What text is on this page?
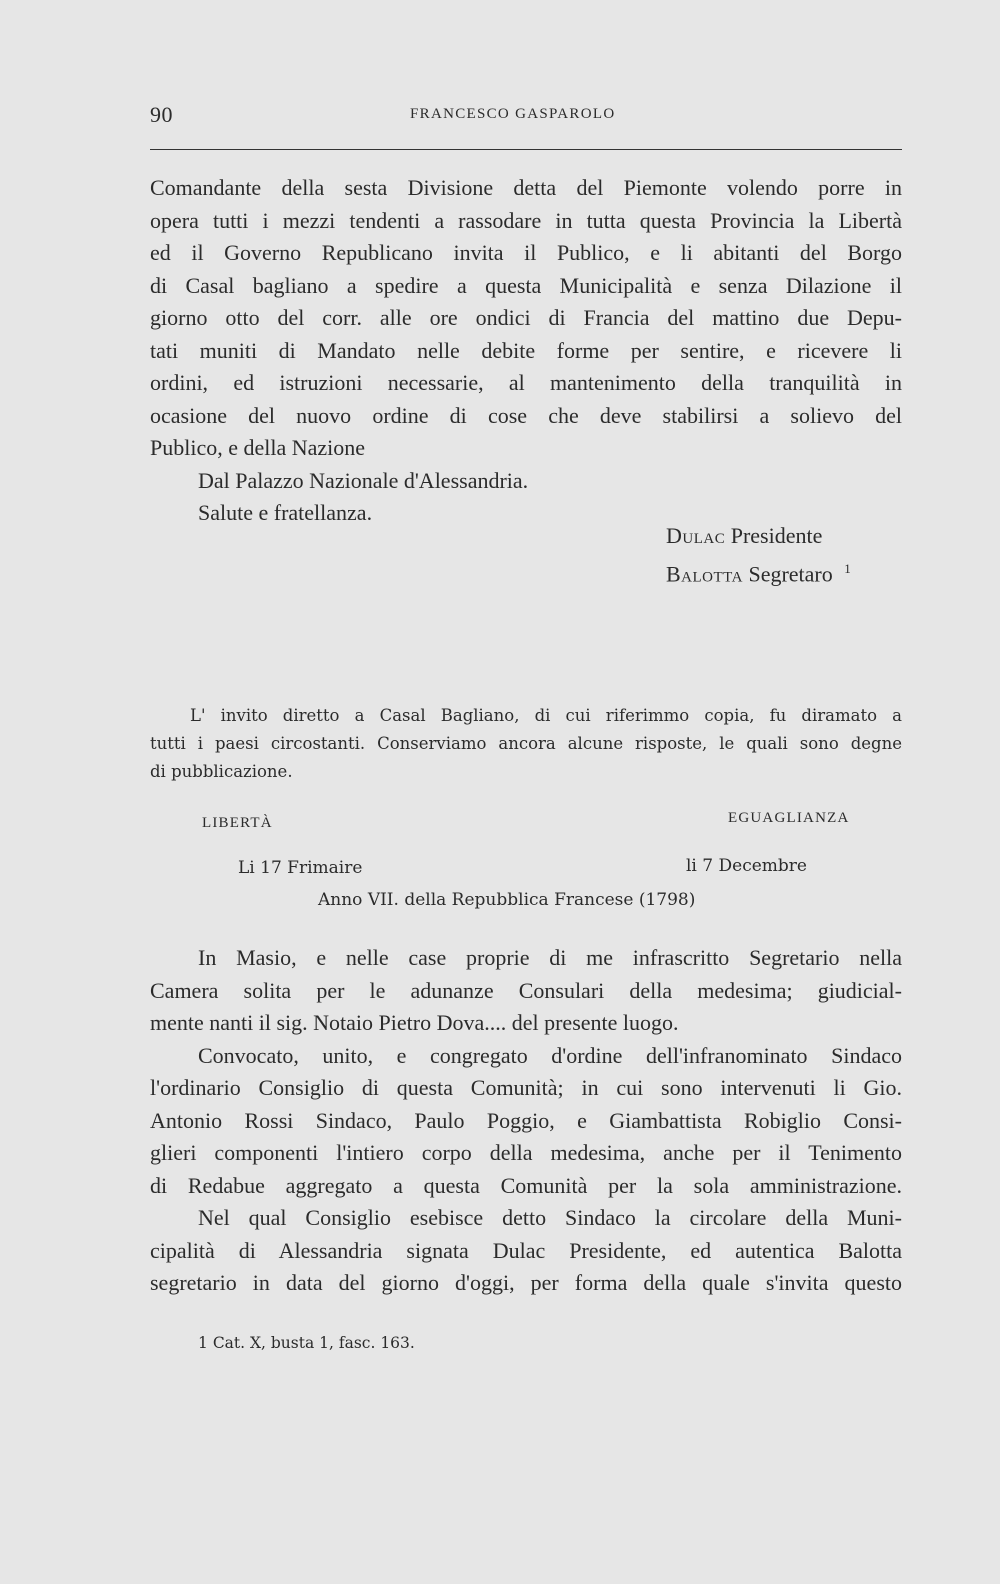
90	FRANCESCO GASPAROLO
Comandante della sesta Divisione detta del Piemonte volendo porre in
opera tutti i mezzi tendenti a rassodare in tutta questa Provincia la Libertà
ed il Governo Republicano invita il Publico, e li abitanti del Borgo
di Casal bagliano a spedire a questa Municipalità e senza Dilazione il
giorno otto del corr. alle ore ondici di Francia del mattino due Depu-
tati muniti di Mandato nelle debite forme per sentire, e ricevere li
ordini, ed istruzioni necessarie, al mantenimento della tranquilità in
ocasione del nuovo ordine di cose che deve stabilirsi a solievo del
Publico, e della Nazione
Dal Palazzo Nazionale d'Alessandria.
Salute e fratellanza.
Dulac Presidente
Balotta Segretaro $^1$
L' invito diretto a Casal Bagliano, di cui riferimmo copia, fu diramato a
tutti i paesi circostanti. Conserviamo ancora alcune risposte, le quali sono degne
di pubblicazione.
LIBERTÀ	EGUAGLIANZA
Li 17 Frimaire	li 7 Decembre
Anno VII. della Repubblica Francese (1798)
In Masio, e nelle case proprie di me infrascritto Segretario nella
Camera solita per le adunanze Consulari della medesima; giudicial-
mente nanti il sig. Notaio Pietro Dova.... del presente luogo.
Convocato, unito, e congregato d'ordine dell'infranominato Sindaco
l'ordinario Consiglio di questa Comunità; in cui sono intervenuti li Gio.
Antonio Rossi Sindaco, Paulo Poggio, e Giambattista Robiglio Consi-
glieri componenti l'intiero corpo della medesima, anche per il Tenimento
di Redabue aggregato a questa Comunità per la sola amministrazione.
Nel qual Consiglio esebisce detto Sindaco la circolare della Muni-
cipalità di Alessandria signata Dulac Presidente, ed autentica Balotta
segretario in data del giorno d'oggi, per forma della quale s'invita questo
1 Cat. X, busta 1, fasc. 163.
